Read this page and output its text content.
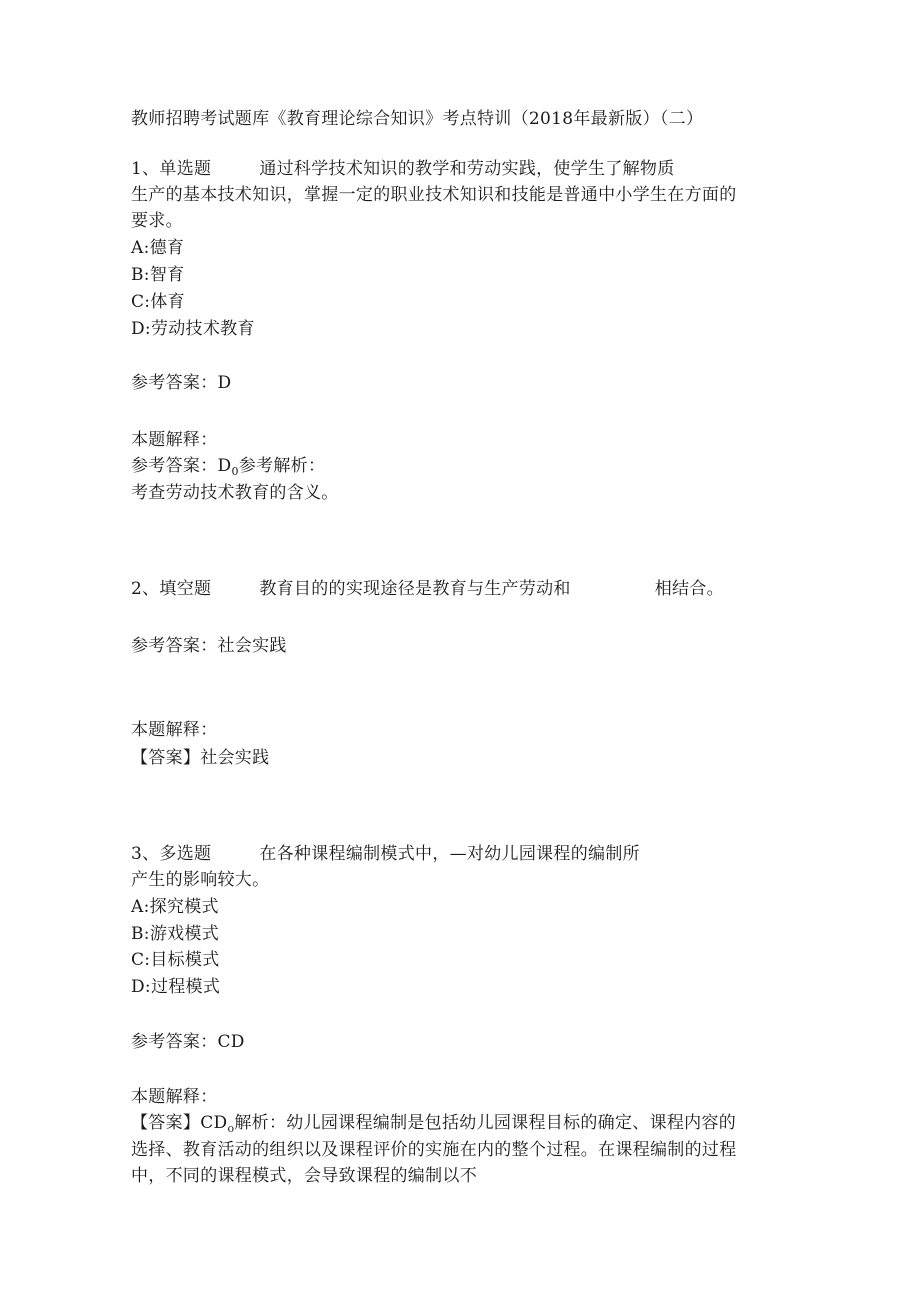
教师招聘考试题库《教育理论综合知识》考点特训（2018年最新版）（二）
1、单选题	通过科学技术知识的教学和劳动实践，使学生了解物质
生产的基本技术知识，掌握一定的职业技术知识和技能是普通中小学生在方面的
要求。
A:德育
B:智育
C:体育
D:劳动技术教育
参考答案：D
本题解释：
参考答案：$D_0$参考解析：
考查劳动技术教育的含义。
2、填空题	教育目的的实现途径是教育与生产劳动和	相结合。
参考答案：社会实践
本题解释：
【答案】社会实践
3、多选题	在各种课程编制模式中，—对幼儿园课程的编制所
产生的影响较大。
A:探究模式
B:游戏模式
C:目标模式
D:过程模式
参考答案：CD
本题解释：
【答案】$CD_o$解析：幼儿园课程编制是包括幼儿园课程目标的确定、课程内容的
选择、教育活动的组织以及课程评价的实施在内的整个过程。在课程编制的过程
中，不同的课程模式，会导致课程的编制以不
